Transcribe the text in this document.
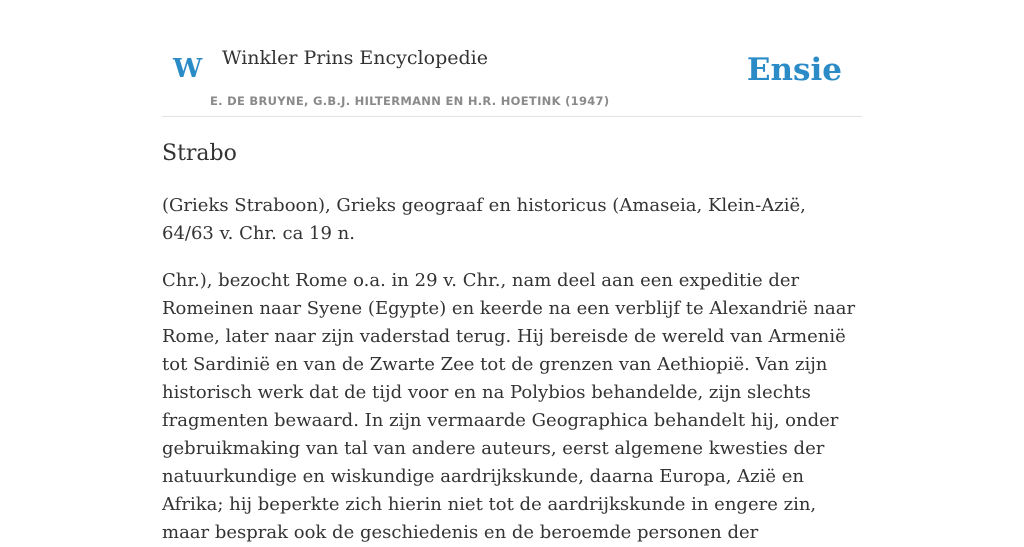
W Winkler Prins Encyclopedie
E. DE BRUYNE, G.B.J. HILTERMANN EN H.R. HOETINK (1947)
Ensie
Strabo

(Grieks Straboon), Grieks geograaf en historicus (Amaseia, Klein-Azië, 64/63 v. Chr. ca 19 n.

Chr.), bezocht Rome o.a. in 29 v. Chr., nam deel aan een expeditie der Romeinen naar Syene (Egypte) en keerde na een verblijf te Alexandrië naar Rome, later naar zijn vaderstad terug. Hij bereisde de wereld van Armenië tot Sardinië en van de Zwarte Zee tot de grenzen van Aethiopië. Van zijn historisch werk dat de tijd voor en na Polybios behandelde, zijn slechts fragmenten bewaard. In zijn vermaarde Geographica behandelt hij, onder gebruikmaking van tal van andere auteurs, eerst algemene kwesties der natuurkundige en wiskundige aardrijkskunde, daarna Europa, Azië en Afrika; hij beperkte zich hierin niet tot de aardrijkskunde in engere zin, maar besprak ook de geschiedenis en de beroemde personen der
